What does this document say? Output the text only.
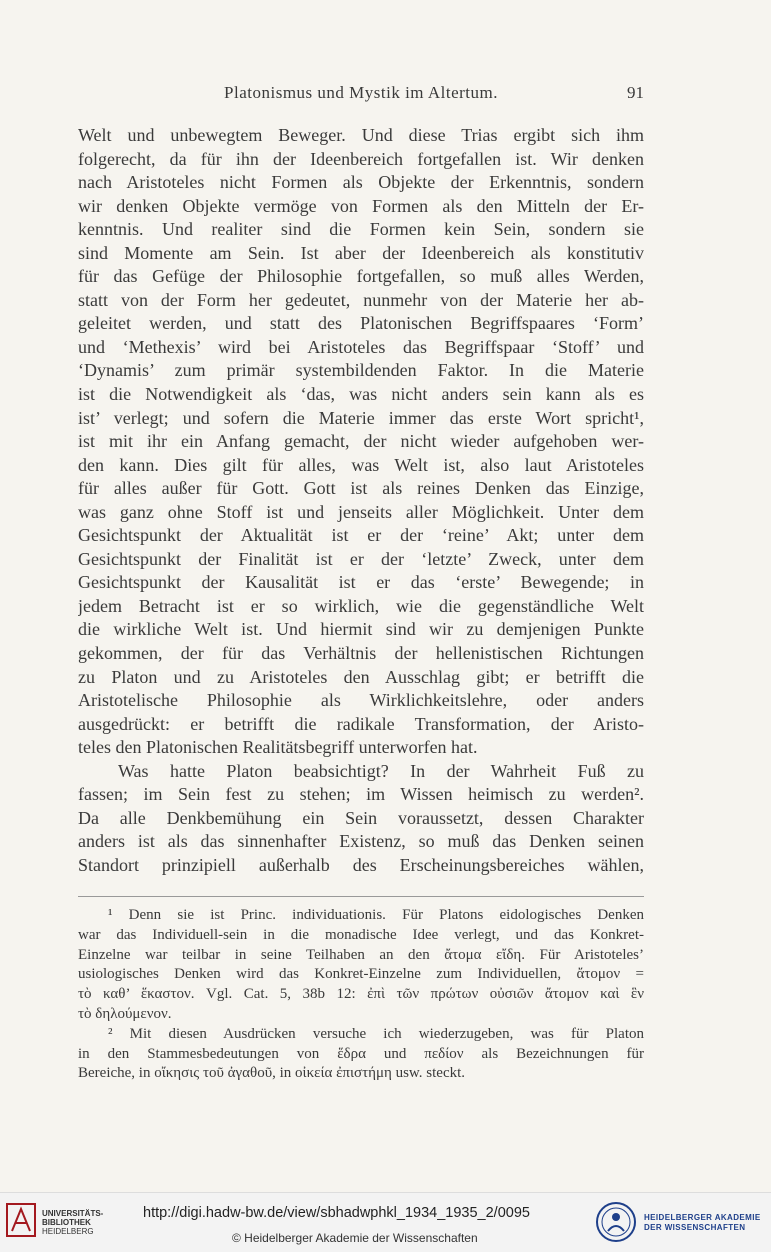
Platonismus und Mystik im Altertum.	91
Welt und unbewegtem Beweger. Und diese Trias ergibt sich ihm
folgerecht, da für ihn der Ideenbereich fortgefallen ist. Wir denken
nach Aristoteles nicht Formen als Objekte der Erkenntnis, sondern
wir denken Objekte vermöge von Formen als den Mitteln der Er-
kenntnis. Und realiter sind die Formen kein Sein, sondern sie
sind Momente am Sein. Ist aber der Ideenbereich als konstitutiv
für das Gefüge der Philosophie fortgefallen, so muß alles Werden,
statt von der Form her gedeutet, nunmehr von der Materie her ab-
geleitet werden, und statt des Platonischen Begriffspaares ‘Form’
und ‘Methexis’ wird bei Aristoteles das Begriffspaar ‘Stoff’ und
‘Dynamis’ zum primär systembildenden Faktor. In die Materie
ist die Notwendigkeit als ‘das, was nicht anders sein kann als es
ist’ verlegt; und sofern die Materie immer das erste Wort spricht¹,
ist mit ihr ein Anfang gemacht, der nicht wieder aufgehoben wer-
den kann. Dies gilt für alles, was Welt ist, also laut Aristoteles
für alles außer für Gott. Gott ist als reines Denken das Einzige,
was ganz ohne Stoff ist und jenseits aller Möglichkeit. Unter dem
Gesichtspunkt der Aktualität ist er der ‘reine’ Akt; unter dem
Gesichtspunkt der Finalität ist er der ‘letzte’ Zweck, unter dem
Gesichtspunkt der Kausalität ist er das ‘erste’ Bewegende; in
jedem Betracht ist er so wirklich, wie die gegenständliche Welt
die wirkliche Welt ist. Und hiermit sind wir zu demjenigen Punkte
gekommen, der für das Verhältnis der hellenistischen Richtungen
zu Platon und zu Aristoteles den Ausschlag gibt; er betrifft die
Aristotelische Philosophie als Wirklichkeitslehre, oder anders
ausgedrückt: er betrifft die radikale Transformation, der Aristo-
teles den Platonischen Realitätsbegriff unterworfen hat.
Was hatte Platon beabsichtigt? In der Wahrheit Fuß zu
fassen; im Sein fest zu stehen; im Wissen heimisch zu werden².
Da alle Denkbemühung ein Sein voraussetzt, dessen Charakter
anders ist als das sinnenhafter Existenz, so muß das Denken seinen
Standort prinzipiell außerhalb des Erscheinungsbereiches wählen,
¹ Denn sie ist Princ. individuationis. Für Platons eidologisches Denken
war das Individuell-sein in die monadische Idee verlegt, und das Konkret-
Einzelne war teilbar in seine Teilhaben an den ἄτομα εἴδη. Für Aristoteles’
usiologisches Denken wird das Konkret-Einzelne zum Individuellen, ἄτομον =
τὸ καθ’ ἕκαστον. Vgl. Cat. 5, 38b 12: ἐπὶ τῶν πρώτων οὐσιῶν ἄτομον καὶ ἓν
τὸ δηλούμενον.
² Mit diesen Ausdrücken versuche ich wiederzugeben, was für Platon
in den Stammesbedeutungen von ἕδρα und πεδίον als Bezeichnungen für
Bereiche, in οἴκησις τοῦ ἀγαθοῦ, in οἰκεία ἐπιστήμη usw. steckt.
UNIVERSITÄTS-
BIBLIOTHEK
HEIDELBERG
http://digi.hadw-bw.de/view/sbhadwphkl_1934_1935_2/0095
© Heidelberger Akademie der Wissenschaften
HEIDELBERGER AKADEMIE
DER WISSENSCHAFTEN
